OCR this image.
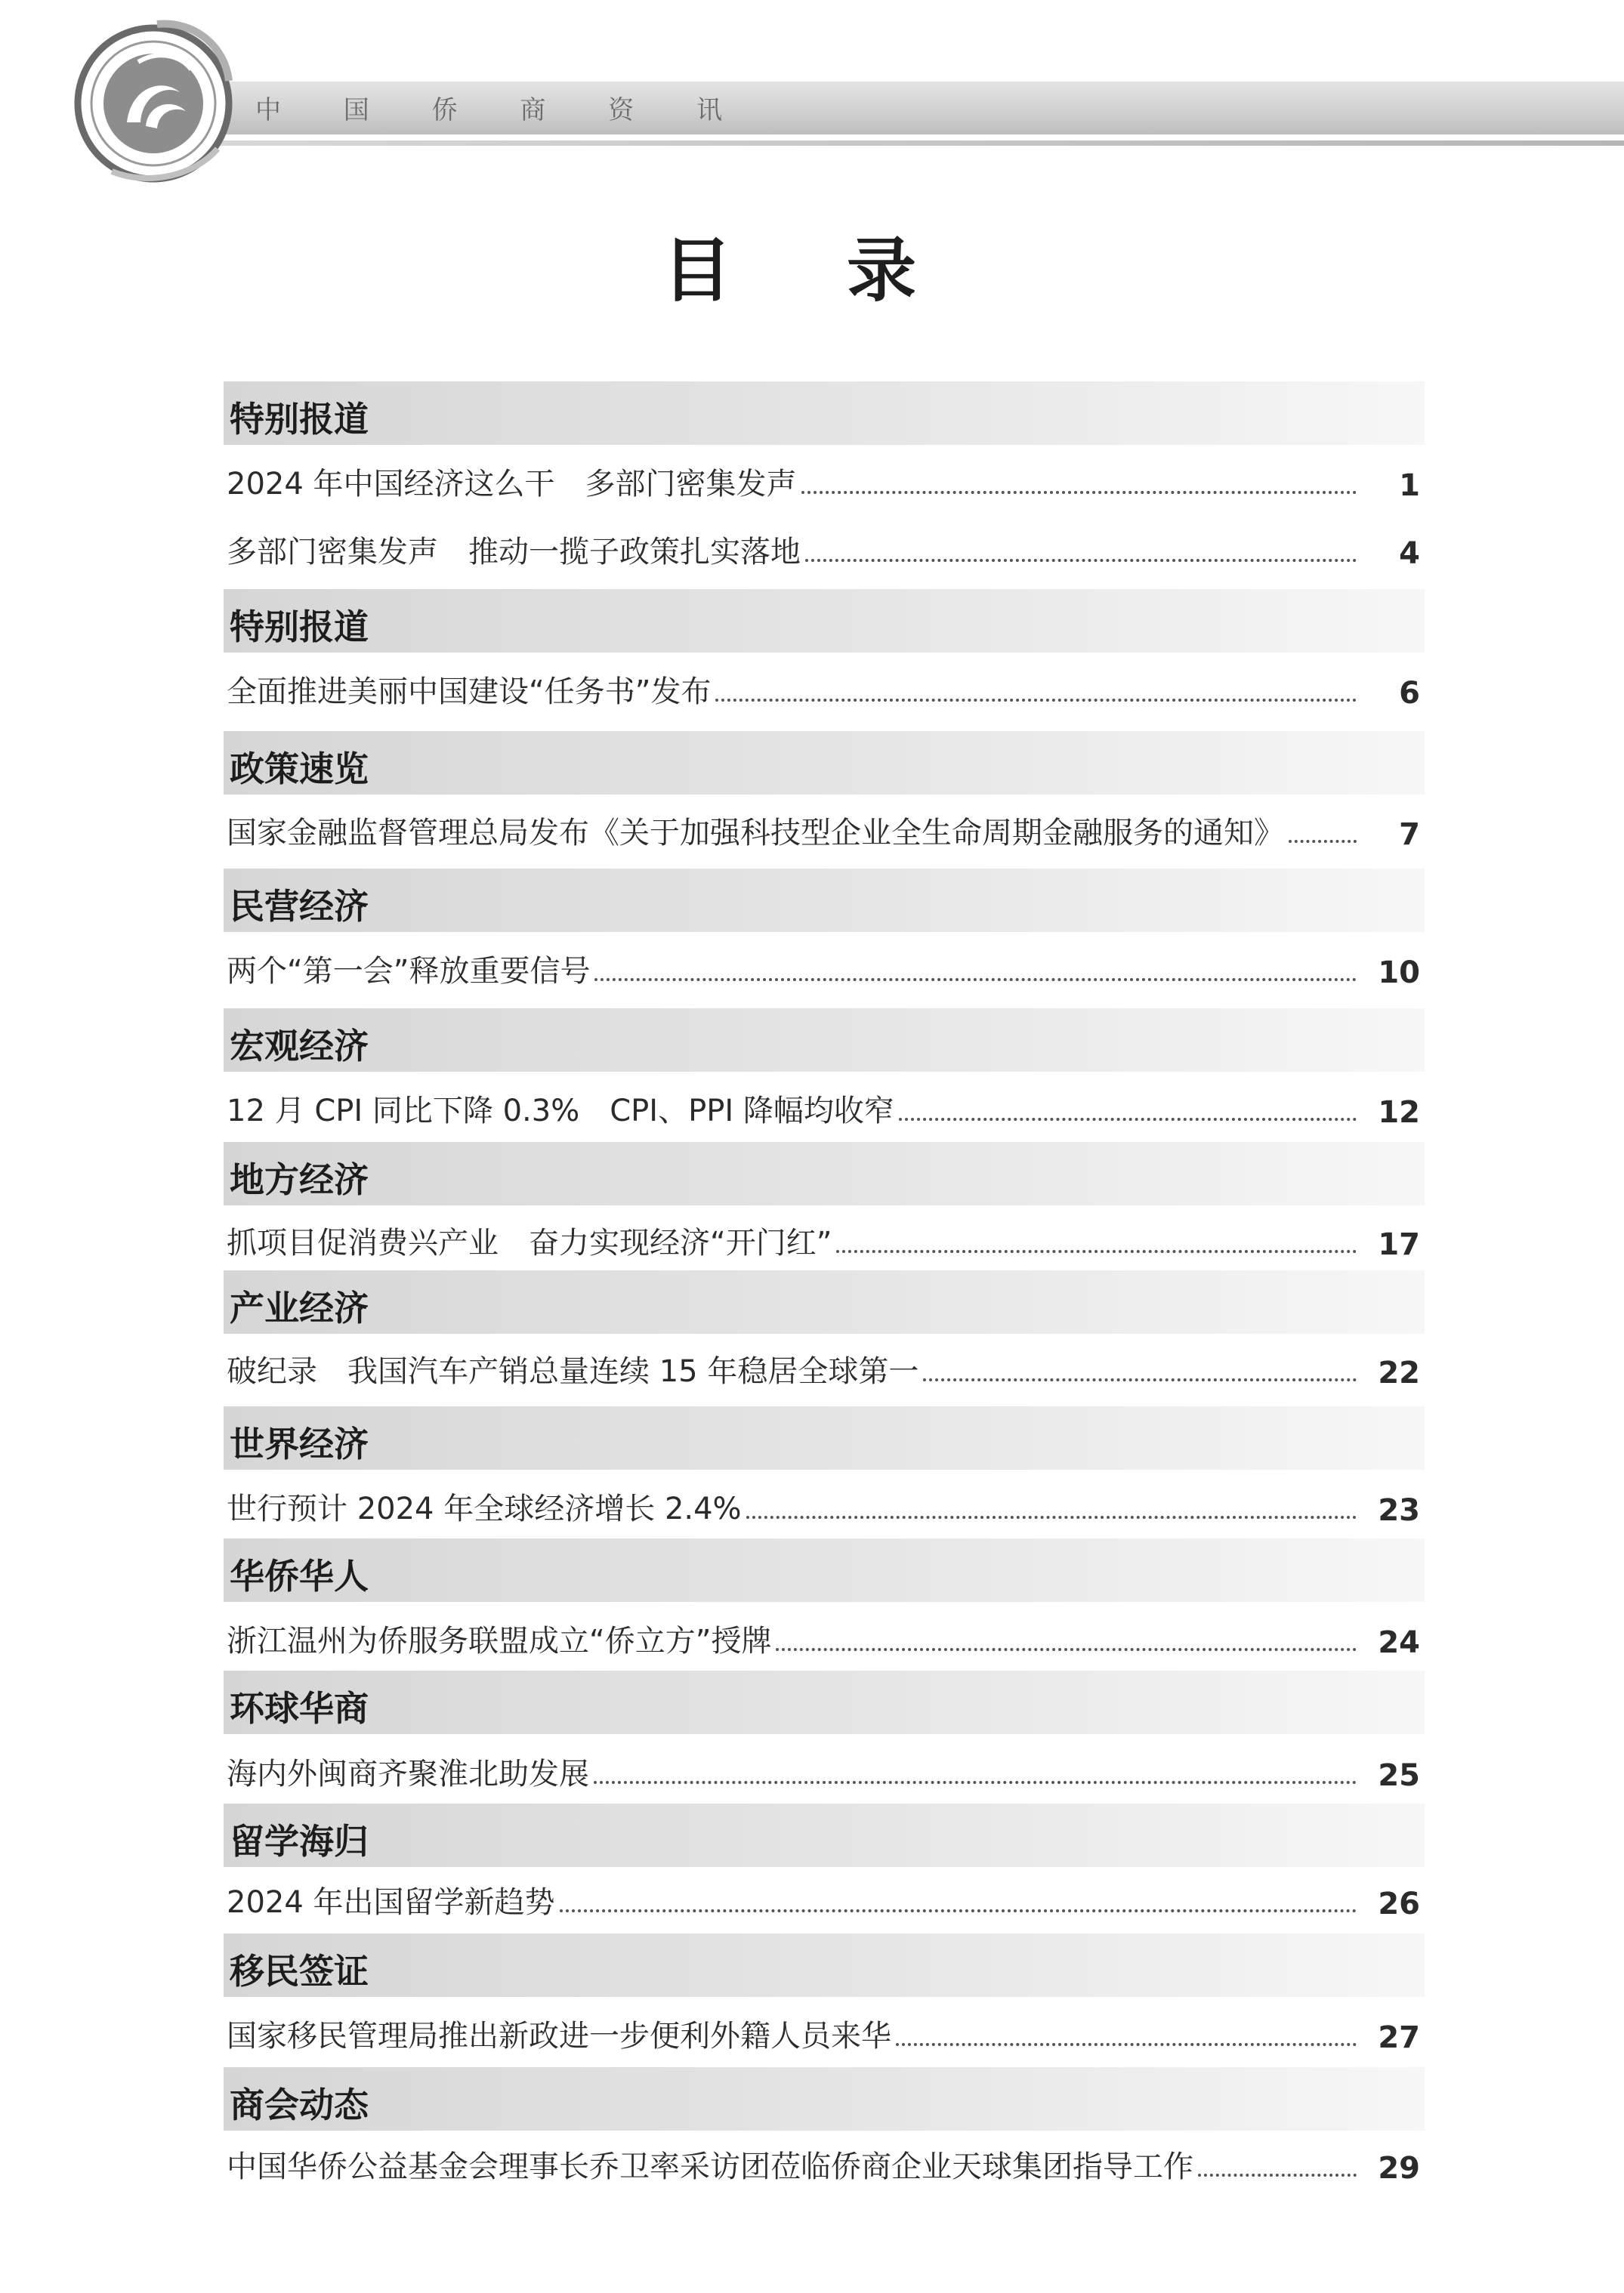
中 国 侨 商 资 讯
目 录
特别报道
2024 年中国经济这么干　多部门密集发声	1
多部门密集发声　推动一揽子政策扎实落地	4
特别报道
全面推进美丽中国建设“任务书”发布	6
政策速览
国家金融监督管理总局发布《关于加强科技型企业全生命周期金融服务的通知》	7
民营经济
两个“第一会”释放重要信号	10
宏观经济
12 月 CPI 同比下降 0.3%　CPI、PPI 降幅均收窄	12
地方经济
抓项目促消费兴产业　奋力实现经济“开门红”	17
产业经济
破纪录　我国汽车产销总量连续 15 年稳居全球第一	22
世界经济
世行预计 2024 年全球经济增长 2.4%	23
华侨华人
浙江温州为侨服务联盟成立“侨立方”授牌	24
环球华商
海内外闽商齐聚淮北助发展	25
留学海归
2024 年出国留学新趋势	26
移民签证
国家移民管理局推出新政进一步便利外籍人员来华	27
商会动态
中国华侨公益基金会理事长乔卫率采访团莅临侨商企业天球集团指导工作	29
